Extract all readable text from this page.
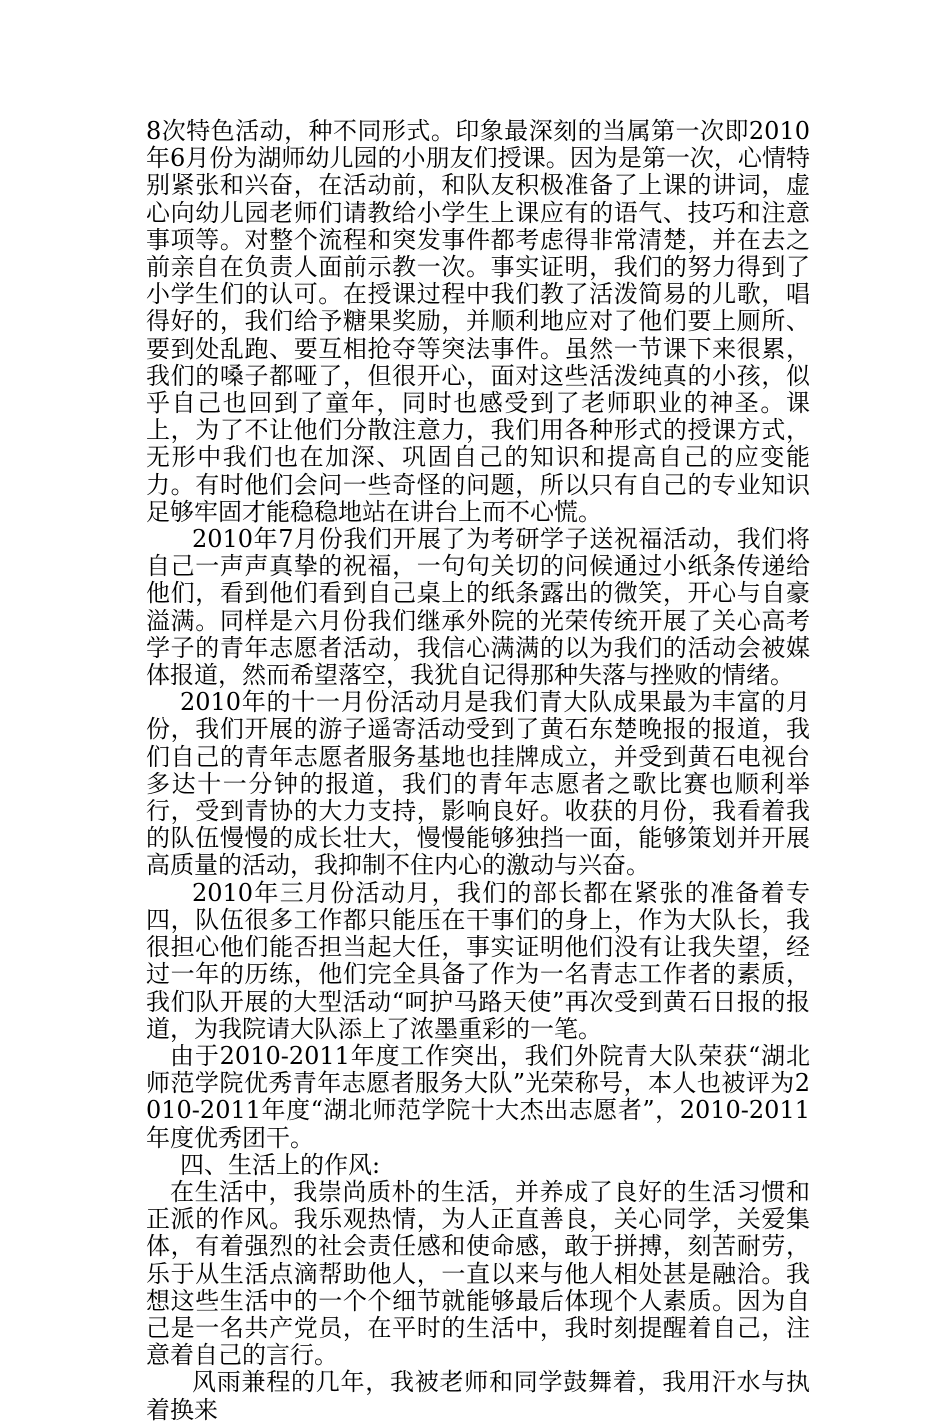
8次特色活动，种不同形式。印象最深刻的当属第一次即2010年6月份为湖师幼儿园的小朋友们授课。因为是第一次，心情特别紧张和兴奋，在活动前，和队友积极准备了上课的讲词，虚心向幼儿园老师们请教给小学生上课应有的语气、技巧和注意事项等。对整个流程和突发事件都考虑得非常清楚，并在去之前亲自在负责人面前示教一次。事实证明，我们的努力得到了小学生们的认可。在授课过程中我们教了活泼简易的儿歌，唱得好的，我们给予糖果奖励，并顺利地应对了他们要上厕所、要到处乱跑、要互相抢夺等突法事件。虽然一节课下来很累，我们的嗓子都哑了，但很开心，面对这些活泼纯真的小孩，似乎自己也回到了童年，同时也感受到了老师职业的神圣。课上，为了不让他们分散注意力，我们用各种形式的授课方式，无形中我们也在加深、巩固自己的知识和提高自己的应变能力。有时他们会问一些奇怪的问题，所以只有自己的专业知识足够牢固才能稳稳地站在讲台上而不心慌。

2010年7月份我们开展了为考研学子送祝福活动，我们将自己一声声真挚的祝福，一句句关切的问候通过小纸条传递给他们，看到他们看到自己桌上的纸条露出的微笑，开心与自豪溢满。同样是六月份我们继承外院的光荣传统开展了关心高考学子的青年志愿者活动，我信心满满的以为我们的活动会被媒体报道，然而希望落空，我犹自记得那种失落与挫败的情绪。

2010年的十一月份活动月是我们青大队成果最为丰富的月份，我们开展的游子遥寄活动受到了黄石东楚晚报的报道，我们自己的青年志愿者服务基地也挂牌成立，并受到黄石电视台多达十一分钟的报道，我们的青年志愿者之歌比赛也顺利举行，受到青协的大力支持，影响良好。收获的月份，我看着我的队伍慢慢的成长壮大，慢慢能够独挡一面，能够策划并开展高质量的活动，我抑制不住内心的激动与兴奋。

2010年三月份活动月，我们的部长都在紧张的准备着专四，队伍很多工作都只能压在干事们的身上，作为大队长，我很担心他们能否担当起大任，事实证明他们没有让我失望，经过一年的历练，他们完全具备了作为一名青志工作者的素质，我们队开展的大型活动“呵护马路天使”再次受到黄石日报的报道，为我院请大队添上了浓墨重彩的一笔。

由于2010-2011年度工作突出，我们外院青大队荣获“湖北师范学院优秀青年志愿者服务大队”光荣称号，本人也被评为2010-2011年度“湖北师范学院十大杰出志愿者”，2010-2011年度优秀团干。

四、生活上的作风:

在生活中，我崇尚质朴的生活，并养成了良好的生活习惯和正派的作风。我乐观热情，为人正直善良，关心同学，关爱集体，有着强烈的社会责任感和使命感，敢于拼搏，刻苦耐劳，乐于从生活点滴帮助他人，一直以来与他人相处甚是融洽。我想这些生活中的一个个细节就能够最后体现个人素质。因为自己是一名共产党员，在平时的生活中，我时刻提醒着自己，注意着自己的言行。

风雨兼程的几年，我被老师和同学鼓舞着，我用汗水与执着换来
